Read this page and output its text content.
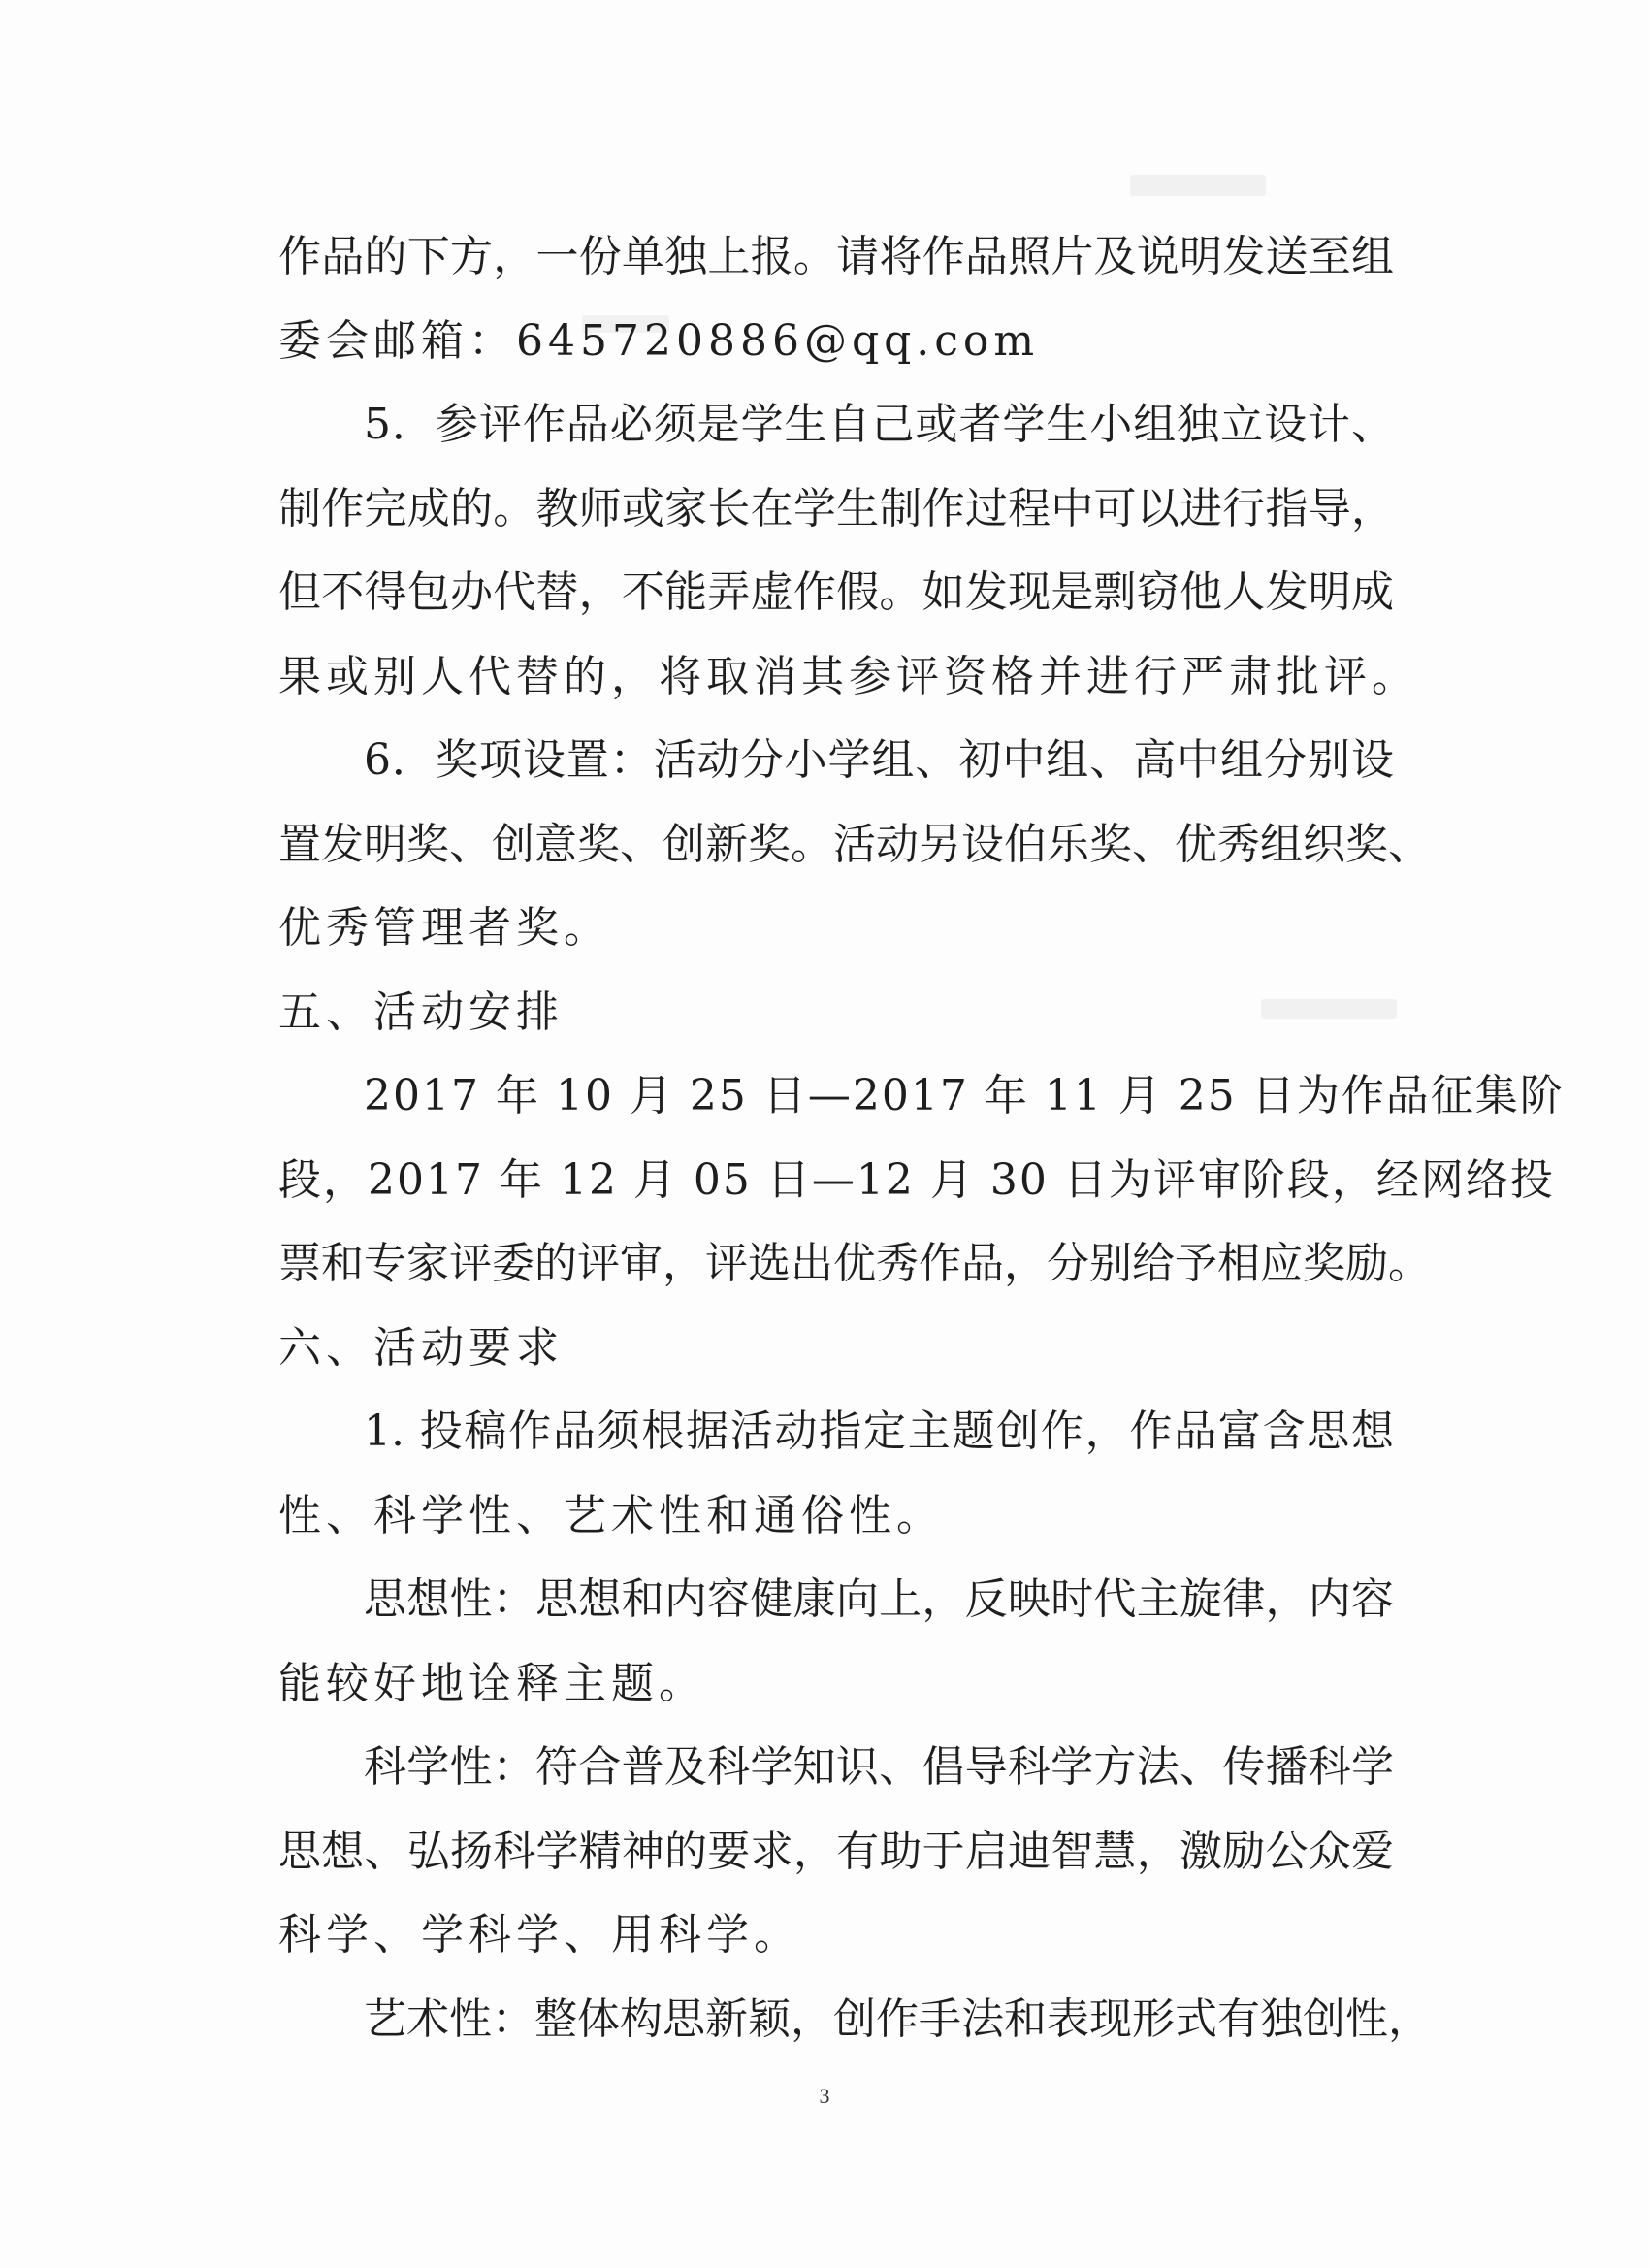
作品的下方，一份单独上报。请将作品照片及说明发送至组
委会邮箱：645720886@qq.com
5．参评作品必须是学生自己或者学生小组独立设计、
制作完成的。教师或家长在学生制作过程中可以进行指导，
但不得包办代替，不能弄虚作假。如发现是剽窃他人发明成
果或别人代替的，将取消其参评资格并进行严肃批评。
6．奖项设置：活动分小学组、初中组、高中组分别设
置发明奖、创意奖、创新奖。活动另设伯乐奖、优秀组织奖、
优秀管理者奖。
五、活动安排
2017 年 10 月 25 日—2017 年 11 月 25 日为作品征集阶
段，2017 年 12 月 05 日—12 月 30 日为评审阶段，经网络投
票和专家评委的评审，评选出优秀作品，分别给予相应奖励。
六、活动要求
1. 投稿作品须根据活动指定主题创作，作品富含思想
性、科学性、艺术性和通俗性。
思想性：思想和内容健康向上，反映时代主旋律，内容
能较好地诠释主题。
科学性：符合普及科学知识、倡导科学方法、传播科学
思想、弘扬科学精神的要求，有助于启迪智慧，激励公众爱
科学、学科学、用科学。
艺术性：整体构思新颖，创作手法和表现形式有独创性，
3
